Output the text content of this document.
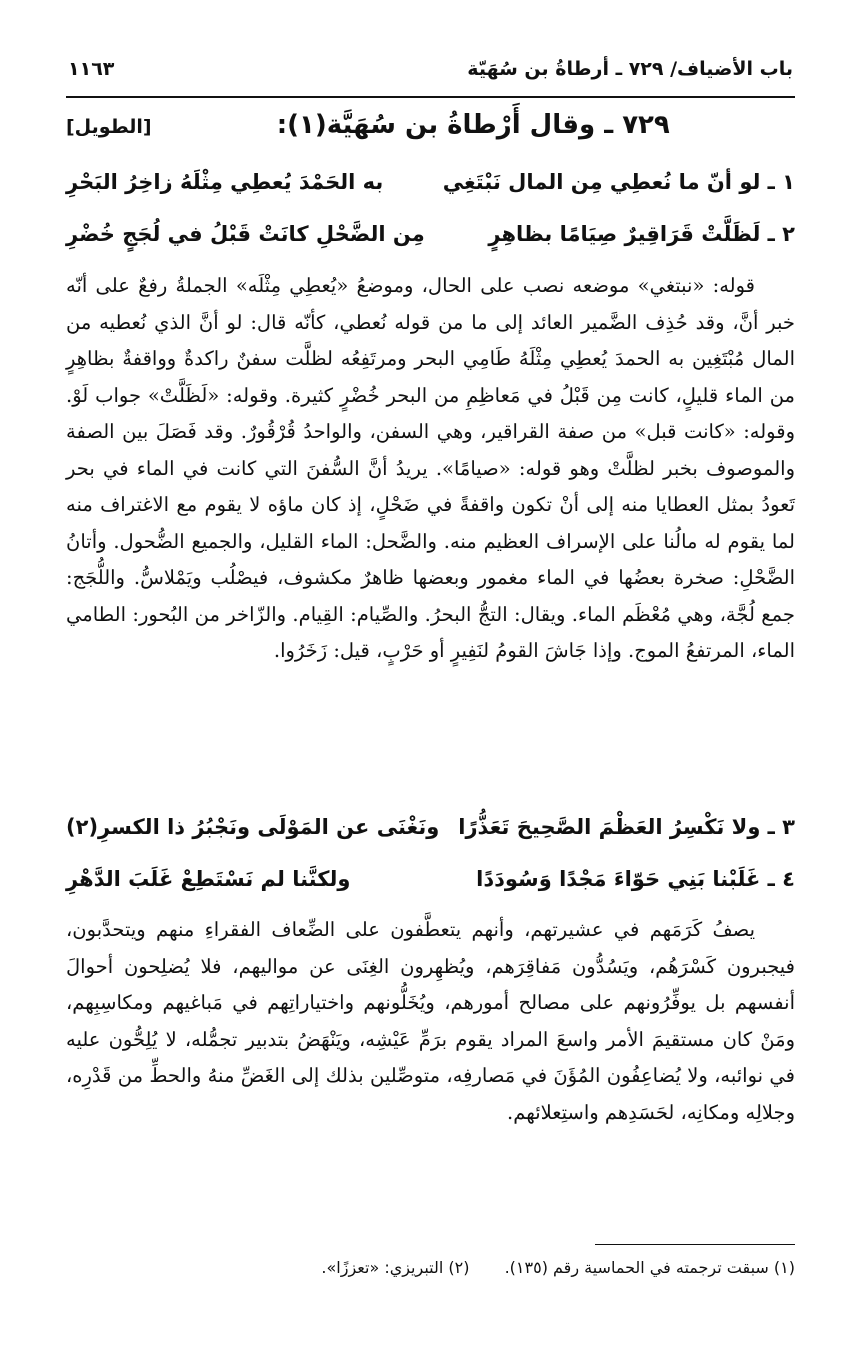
باب الأضياف/ ٧٢٩ ـ أرطاةُ بن سُهَيّة
١١٦٣
٧٢٩ ـ وقال أَرْطاةُ بن سُهَيَّة(١):
[الطويل]
١ ـ لو أنّ ما نُعطِي مِن المال نَبْتَغِي
به الحَمْدَ يُعطِي مِثْلَهُ زاخِرُ البَحْرِ
٢ ـ لَظَلَّتْ قَرَاقِيرٌ صِيَامًا بظاهِرٍ
مِن الضَّحْلِ كانَتْ قَبْلُ في لُجَجٍ خُضْرِ

قوله: «نبتغي» موضعه نصب على الحال، وموضعُ «يُعطِي مِثْلَه» الجملةُ رفعٌ على أنّه خبر أنَّ، وقد حُذِف الضَّمير العائد إلى ما من قوله نُعطي، كأنّه قال: لو أنَّ الذي نُعطيه من المال مُبْتَغِين به الحمدَ يُعطِي مِثْلَهُ طَامِي البحر ومرتَفِعُه لظلَّت سفنٌ راكدةٌ وواقفةٌ بظاهِرٍ من الماء قليلٍ، كانت مِن قَبْلُ في مَعاظِمِ من البحر خُضْرٍ كثيرة. وقوله: «لَظَلَّتْ» جواب لَوْ. وقوله: «كانت قبل» من صفة القراقير، وهي السفن، والواحدُ قُرْقُورٌ. وقد فَصَلَ بين الصفة والموصوف بخبر لظلَّتْ وهو قوله: «صيامًا». يريدُ أنَّ السُّفنَ التي كانت في الماء في بحر تَعودُ بمثل العطايا منه إلى أنْ تكون واقفةً في ضَحْلٍ، إذ كان ماؤه لا يقوم مع الاغتراف منه لما يقوم له مالُنا على الإسراف العظيم منه. والضَّحل: الماء القليل، والجميع الضُّحول. وأتانُ الضَّحْلِ: صخرة بعضُها في الماء مغمور وبعضها ظاهرٌ مكشوف، فيصْلُب ويَمْلاسُّ. واللُّجَج: جمع لُجَّة، وهي مُعْظَم الماء. ويقال: التجُّ البحرُ. والصِّيام: القِيام. والزّاخر من البُحور: الطامي الماء، المرتفعُ الموج. وإذا جَاشَ القومُ لنَفِيرٍ أو حَرْبٍ، قيل: زَخَرُوا.

٣ ـ ولا نَكْسِرُ العَظْمَ الصَّحِيحَ تَعَذُّرًا
ونَغْنَى عن المَوْلَى ونَجْبُرُ ذا الكسرِ(٢)
٤ ـ غَلَبْنا بَنِي حَوّاءَ مَجْدًا وَسُودَدًا
ولكنَّنا لم نَسْتَطِعْ غَلَبَ الدَّهْرِ

يصفُ كَرَمَهم في عشيرتهم، وأنهم يتعطَّفون على الضِّعاف الفقراءِ منهم ويتحدَّبون، فيجبرون كَسْرَهُم، ويَسُدُّون مَفاقِرَهم، ويُظهِرون الغِنَى عن مواليهم، فلا يُضلِحون أحوالَ أنفسهم بل يوفِّرُونهم على مصالح أمورهم، ويُخَلُّونهم واختياراتِهم في مَباغيهم ومكاسِبِهم، ومَنْ كان مستقيمَ الأمر واسعَ المراد يقوم برَمِّ عَيْشِه، ويَنْهَضُ بتدبير تجمُّله، لا يُلِحُّون عليه في نوائبه، ولا يُضاعِفُون المُؤَنَ في مَصارفِه، متوصِّلين بذلك إلى الغَضِّ منهُ والحطِّ من قَدْرِه، وجلالِه ومكانِه، لحَسَدِهم واستِعلائهم.

(١) سبقت ترجمته في الحماسية رقم (١٣٥). (٢) التبريزي: «تعززًا».
